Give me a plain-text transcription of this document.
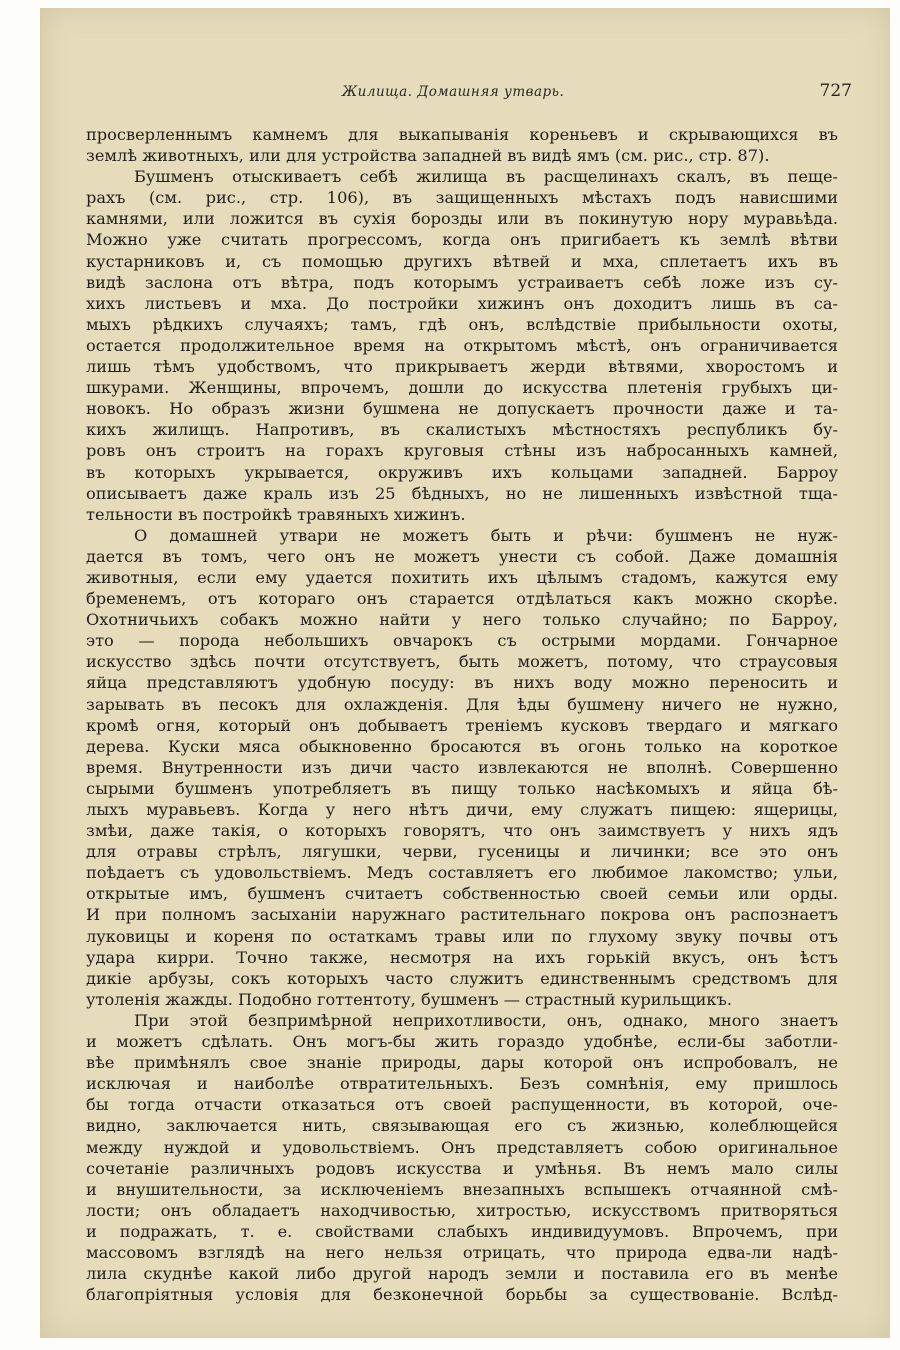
Жилища. Домашняя утварь.	727
просверленнымъ камнемъ для выкапыванія кореньевъ и скрывающихся въ
землѣ животныхъ, или для устройства западней въ видѣ ямъ (см. рис., стр. 87).
Бушменъ отыскиваетъ себѣ жилища въ расщелинахъ скалъ, въ пеще-
рахъ (см. рис., стр. 106), въ защищенныхъ мѣстахъ подъ нависшими
камнями, или ложится въ сухія борозды или въ покинутую нору муравьѣда.
Можно уже считать прогрессомъ, когда онъ пригибаетъ къ землѣ вѣтви
кустарниковъ и, съ помощью другихъ вѣтвей и мха, сплетаетъ ихъ въ
видѣ заслона отъ вѣтра, подъ которымъ устраиваетъ себѣ ложе изъ су-
хихъ листьевъ и мха. До постройки хижинъ онъ доходитъ лишь въ са-
мыхъ рѣдкихъ случаяхъ; тамъ, гдѣ онъ, вслѣдствіе прибыльности охоты,
остается продолжительное время на открытомъ мѣстѣ, онъ ограничивается
лишь тѣмъ удобствомъ, что прикрываетъ жерди вѣтвями, хворостомъ и
шкурами. Женщины, впрочемъ, дошли до искусства плетенія грубыхъ ци-
новокъ. Но образъ жизни бушмена не допускаетъ прочности даже и та-
кихъ жилищъ. Напротивъ, въ скалистыхъ мѣстностяхъ республикъ бу-
ровъ онъ строитъ на горахъ круговыя стѣны изъ набросанныхъ камней,
въ которыхъ укрывается, окруживъ ихъ кольцами западней. Барроу
описываетъ даже краль изъ 25 бѣдныхъ, но не лишенныхъ извѣстной тща-
тельности въ постройкѣ травяныхъ хижинъ.
О домашней утвари не можетъ быть и рѣчи: бушменъ не нуж-
дается въ томъ, чего онъ не можетъ унести съ собой. Даже домашнія
животныя, если ему удается похитить ихъ цѣлымъ стадомъ, кажутся ему
бременемъ, отъ котораго онъ старается отдѣлаться какъ можно скорѣе.
Охотничьихъ собакъ можно найти у него только случайно; по Барроу,
это — порода небольшихъ овчарокъ съ острыми мордами. Гончарное
искусство здѣсь почти отсутствуетъ, быть можетъ, потому, что страусовыя
яйца представляютъ удобную посуду: въ нихъ воду можно переносить и
зарывать въ песокъ для охлажденія. Для ѣды бушмену ничего не нужно,
кромѣ огня, который онъ добываетъ треніемъ кусковъ твердаго и мягкаго
дерева. Куски мяса обыкновенно бросаются въ огонь только на короткое
время. Внутренности изъ дичи часто извлекаются не вполнѣ. Совершенно
сырыми бушменъ употребляетъ въ пищу только насѣкомыхъ и яйца бѣ-
лыхъ муравьевъ. Когда у него нѣтъ дичи, ему служатъ пищею: ящерицы,
змѣи, даже такія, о которыхъ говорятъ, что онъ заимствуетъ у нихъ ядъ
для отравы стрѣлъ, лягушки, черви, гусеницы и личинки; все это онъ
поѣдаетъ съ удовольствіемъ. Медъ составляетъ его любимое лакомство; ульи,
открытые имъ, бушменъ считаетъ собственностью своей семьи или орды.
И при полномъ засыханіи наружнаго растительнаго покрова онъ распознаетъ
луковицы и кореня по остаткамъ травы или по глухому звуку почвы отъ
удара кирри. Точно также, несмотря на ихъ горькій вкусъ, онъ ѣстъ
дикіе арбузы, сокъ которыхъ часто служитъ единственнымъ средствомъ для
утоленія жажды. Подобно готтентоту, бушменъ — страстный курильщикъ.
При этой безпримѣрной неприхотливости, онъ, однако, много знаетъ
и можетъ сдѣлать. Онъ могъ-бы жить гораздо удобнѣе, если-бы заботли-
вѣе примѣнялъ свое знаніе природы, дары которой онъ испробовалъ, не
исключая и наиболѣе отвратительныхъ. Безъ сомнѣнія, ему пришлось
бы тогда отчасти отказаться отъ своей распущенности, въ которой, оче-
видно, заключается нить, связывающая его съ жизнью, колеблющейся
между нуждой и удовольствіемъ. Онъ представляетъ собою оригинальное
сочетаніе различныхъ родовъ искусства и умѣнья. Въ немъ мало силы
и внушительности, за исключеніемъ внезапныхъ вспышекъ отчаянной смѣ-
лости; онъ обладаетъ находчивостью, хитростью, искусствомъ притворяться
и подражать, т. е. свойствами слабыхъ индивидуумовъ. Впрочемъ, при
массовомъ взглядѣ на него нельзя отрицать, что природа едва-ли надѣ-
лила скуднѣе какой либо другой народъ земли и поставила его въ менѣе
благопріятныя условія для безконечной борьбы за существованіе. Вслѣд-
